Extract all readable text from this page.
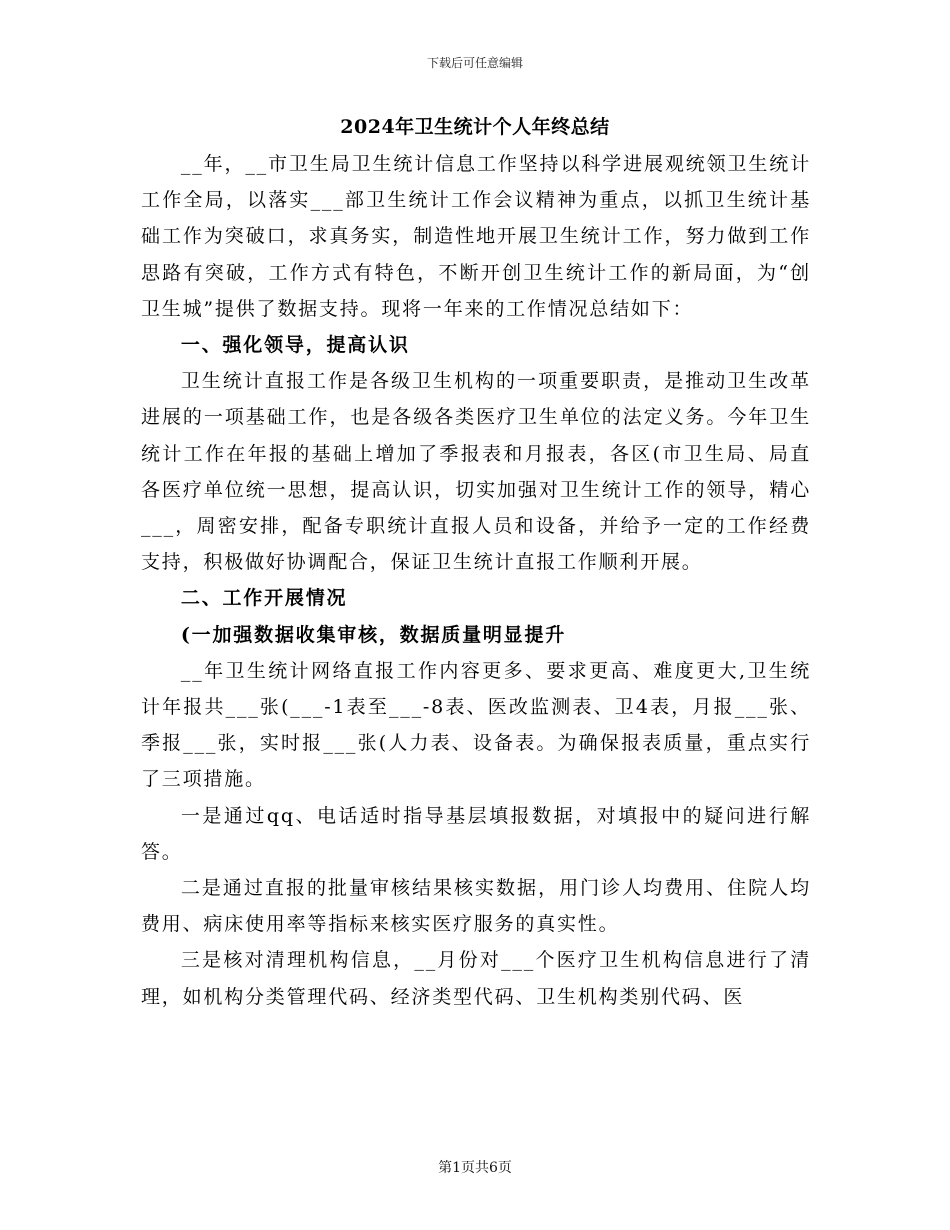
下载后可任意编辑
2024年卫生统计个人年终总结

__年，__市卫生局卫生统计信息工作坚持以科学进展观统领卫生统计工作全局，以落实___部卫生统计工作会议精神为重点，以抓卫生统计基础工作为突破口，求真务实，制造性地开展卫生统计工作，努力做到工作思路有突破，工作方式有特色，不断开创卫生统计工作的新局面，为“创卫生城”提供了数据支持。现将一年来的工作情况总结如下：

一、强化领导，提高认识

卫生统计直报工作是各级卫生机构的一项重要职责，是推动卫生改革进展的一项基础工作，也是各级各类医疗卫生单位的法定义务。今年卫生统计工作在年报的基础上增加了季报表和月报表，各区(市卫生局、局直各医疗单位统一思想，提高认识，切实加强对卫生统计工作的领导，精心___，周密安排，配备专职统计直报人员和设备，并给予一定的工作经费支持，积极做好协调配合，保证卫生统计直报工作顺利开展。

二、工作开展情况

(一加强数据收集审核，数据质量明显提升

__年卫生统计网络直报工作内容更多、要求更高、难度更大,卫生统计年报共___张(___-1表至___-8表、医改监测表、卫4表，月报___张、季报___张，实时报___张(人力表、设备表。为确保报表质量，重点实行了三项措施。

一是通过qq、电话适时指导基层填报数据，对填报中的疑问进行解答。

二是通过直报的批量审核结果核实数据，用门诊人均费用、住院人均费用、病床使用率等指标来核实医疗服务的真实性。

三是核对清理机构信息，__月份对___个医疗卫生机构信息进行了清理，如机构分类管理代码、经济类型代码、卫生机构类别代码、医

第1页共6页
